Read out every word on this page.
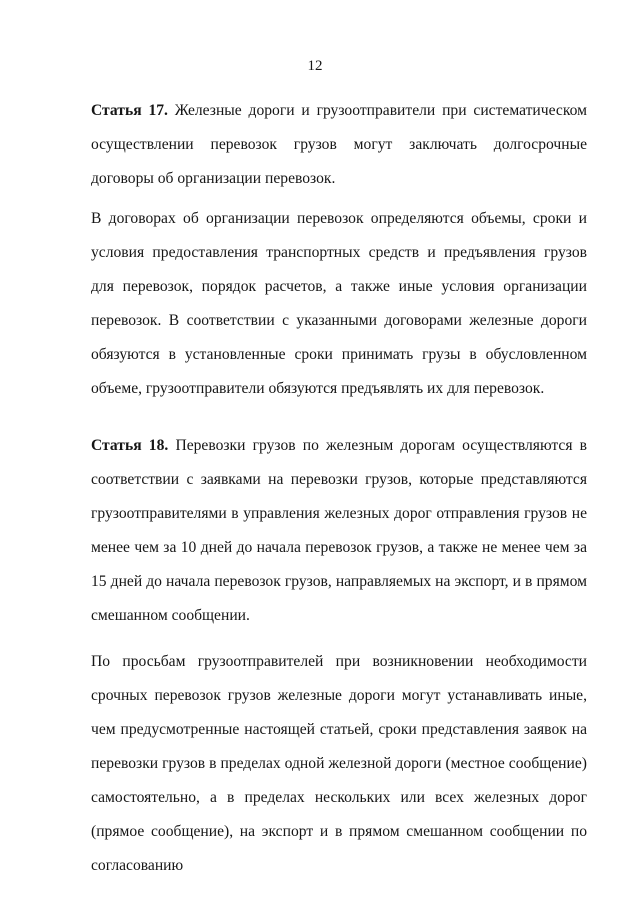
12

Статья 17. Железные дороги и грузоотправители при систематическом осуществлении перевозок грузов могут заключать долгосрочные договоры об организации перевозок.

В договорах об организации перевозок определяются объемы, сроки и условия предоставления транспортных средств и предъявления грузов для перевозок, порядок расчетов, а также иные условия организации перевозок. В соответствии с указанными договорами железные дороги обязуются в установленные сроки принимать грузы в обусловленном объеме, грузоотправители обязуются предъявлять их для перевозок.

Статья 18. Перевозки грузов по железным дорогам осуществляются в соответствии с заявками на перевозки грузов, которые представляются грузоотправителями в управления железных дорог отправления грузов не менее чем за 10 дней до начала перевозок грузов, а также не менее чем за 15 дней до начала перевозок грузов, направляемых на экспорт, и в прямом смешанном сообщении.

По просьбам грузоотправителей при возникновении необходимости срочных перевозок грузов железные дороги могут устанавливать иные, чем предусмотренные настоящей статьей, сроки представления заявок на перевозки грузов в пределах одной железной дороги (местное сообщение) самостоятельно, а в пределах нескольких или всех железных дорог (прямое сообщение), на экспорт и в прямом смешанном сообщении по согласованию
